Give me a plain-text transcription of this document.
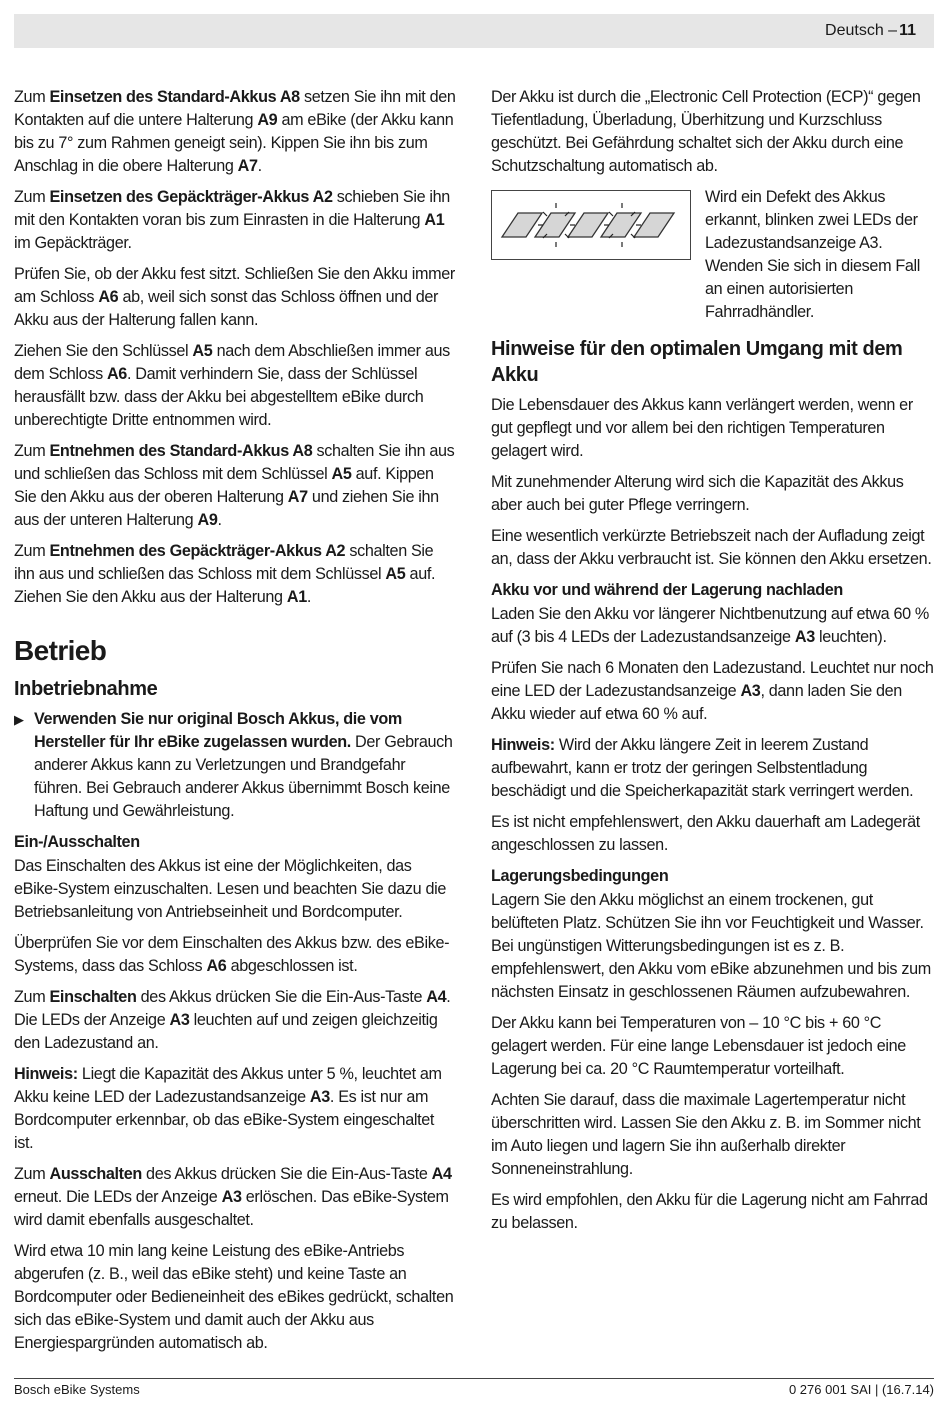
Deutsch – 11

Zum Einsetzen des Standard-Akkus A8 setzen Sie ihn mit den Kontakten auf die untere Halterung A9 am eBike (der Akku kann bis zu 7° zum Rahmen geneigt sein). Kippen Sie ihn bis zum Anschlag in die obere Halterung A7.

Zum Einsetzen des Gepäckträger-Akkus A2 schieben Sie ihn mit den Kontakten voran bis zum Einrasten in die Halterung A1 im Gepäckträger.

Prüfen Sie, ob der Akku fest sitzt. Schließen Sie den Akku immer am Schloss A6 ab, weil sich sonst das Schloss öffnen und der Akku aus der Halterung fallen kann.

Ziehen Sie den Schlüssel A5 nach dem Abschließen immer aus dem Schloss A6. Damit verhindern Sie, dass der Schlüssel herausfällt bzw. dass der Akku bei abgestelltem eBike durch unberechtigte Dritte entnommen wird.

Zum Entnehmen des Standard-Akkus A8 schalten Sie ihn aus und schließen das Schloss mit dem Schlüssel A5 auf. Kippen Sie den Akku aus der oberen Halterung A7 und ziehen Sie ihn aus der unteren Halterung A9.

Zum Entnehmen des Gepäckträger-Akkus A2 schalten Sie ihn aus und schließen das Schloss mit dem Schlüssel A5 auf. Ziehen Sie den Akku aus der Halterung A1.

Betrieb
Inbetriebnahme
▶ Verwenden Sie nur original Bosch Akkus, die vom Hersteller für Ihr eBike zugelassen wurden. Der Gebrauch anderer Akkus kann zu Verletzungen und Brandgefahr führen. Bei Gebrauch anderer Akkus übernimmt Bosch keine Haftung und Gewährleistung.
Ein-/Ausschalten

Das Einschalten des Akkus ist eine der Möglichkeiten, das eBike-System einzuschalten. Lesen und beachten Sie dazu die Betriebsanleitung von Antriebseinheit und Bordcomputer.

Überprüfen Sie vor dem Einschalten des Akkus bzw. des eBike-Systems, dass das Schloss A6 abgeschlossen ist.

Zum Einschalten des Akkus drücken Sie die Ein-Aus-Taste A4. Die LEDs der Anzeige A3 leuchten auf und zeigen gleichzeitig den Ladezustand an.

Hinweis: Liegt die Kapazität des Akkus unter 5 %, leuchtet am Akku keine LED der Ladezustandsanzeige A3. Es ist nur am Bordcomputer erkennbar, ob das eBike-System eingeschaltet ist.

Zum Ausschalten des Akkus drücken Sie die Ein-Aus-Taste A4 erneut. Die LEDs der Anzeige A3 erlöschen. Das eBike-System wird damit ebenfalls ausgeschaltet.

Wird etwa 10 min lang keine Leistung des eBike-Antriebs abgerufen (z. B., weil das eBike steht) und keine Taste an Bordcomputer oder Bedieneinheit des eBikes gedrückt, schalten sich das eBike-System und damit auch der Akku aus Energiespargründen automatisch ab.

Der Akku ist durch die „Electronic Cell Protection (ECP)“ gegen Tiefentladung, Überladung, Überhitzung und Kurzschluss geschützt. Bei Gefährdung schaltet sich der Akku durch eine Schutzschaltung automatisch ab.

Wird ein Defekt des Akkus erkannt, blinken zwei LEDs der Ladezustandsanzeige A3. Wenden Sie sich in diesem Fall an einen autorisierten Fahrradhändler.
Hinweise für den optimalen Umgang mit dem Akku

Die Lebensdauer des Akkus kann verlängert werden, wenn er gut gepflegt und vor allem bei den richtigen Temperaturen gelagert wird.

Mit zunehmender Alterung wird sich die Kapazität des Akkus aber auch bei guter Pflege verringern.

Eine wesentlich verkürzte Betriebszeit nach der Aufladung zeigt an, dass der Akku verbraucht ist. Sie können den Akku ersetzen.

Akku vor und während der Lagerung nachladen

Laden Sie den Akku vor längerer Nichtbenutzung auf etwa 60 % auf (3 bis 4 LEDs der Ladezustandsanzeige A3 leuchten).

Prüfen Sie nach 6 Monaten den Ladezustand. Leuchtet nur noch eine LED der Ladezustandsanzeige A3, dann laden Sie den Akku wieder auf etwa 60 % auf.

Hinweis: Wird der Akku längere Zeit in leerem Zustand aufbewahrt, kann er trotz der geringen Selbstentladung beschädigt und die Speicherkapazität stark verringert werden.

Es ist nicht empfehlenswert, den Akku dauerhaft am Ladegerät angeschlossen zu lassen.

Lagerungsbedingungen

Lagern Sie den Akku möglichst an einem trockenen, gut belüfteten Platz. Schützen Sie ihn vor Feuchtigkeit und Wasser. Bei ungünstigen Witterungsbedingungen ist es z. B. empfehlenswert, den Akku vom eBike abzunehmen und bis zum nächsten Einsatz in geschlossenen Räumen aufzubewahren.

Der Akku kann bei Temperaturen von – 10 °C bis + 60 °C gelagert werden. Für eine lange Lebensdauer ist jedoch eine Lagerung bei ca. 20 °C Raumtemperatur vorteilhaft.

Achten Sie darauf, dass die maximale Lagertemperatur nicht überschritten wird. Lassen Sie den Akku z. B. im Sommer nicht im Auto liegen und lagern Sie ihn außerhalb direkter Sonneneinstrahlung.

Es wird empfohlen, den Akku für die Lagerung nicht am Fahrrad zu belassen.

Bosch eBike Systems	0 276 001 SAI | (16.7.14)
